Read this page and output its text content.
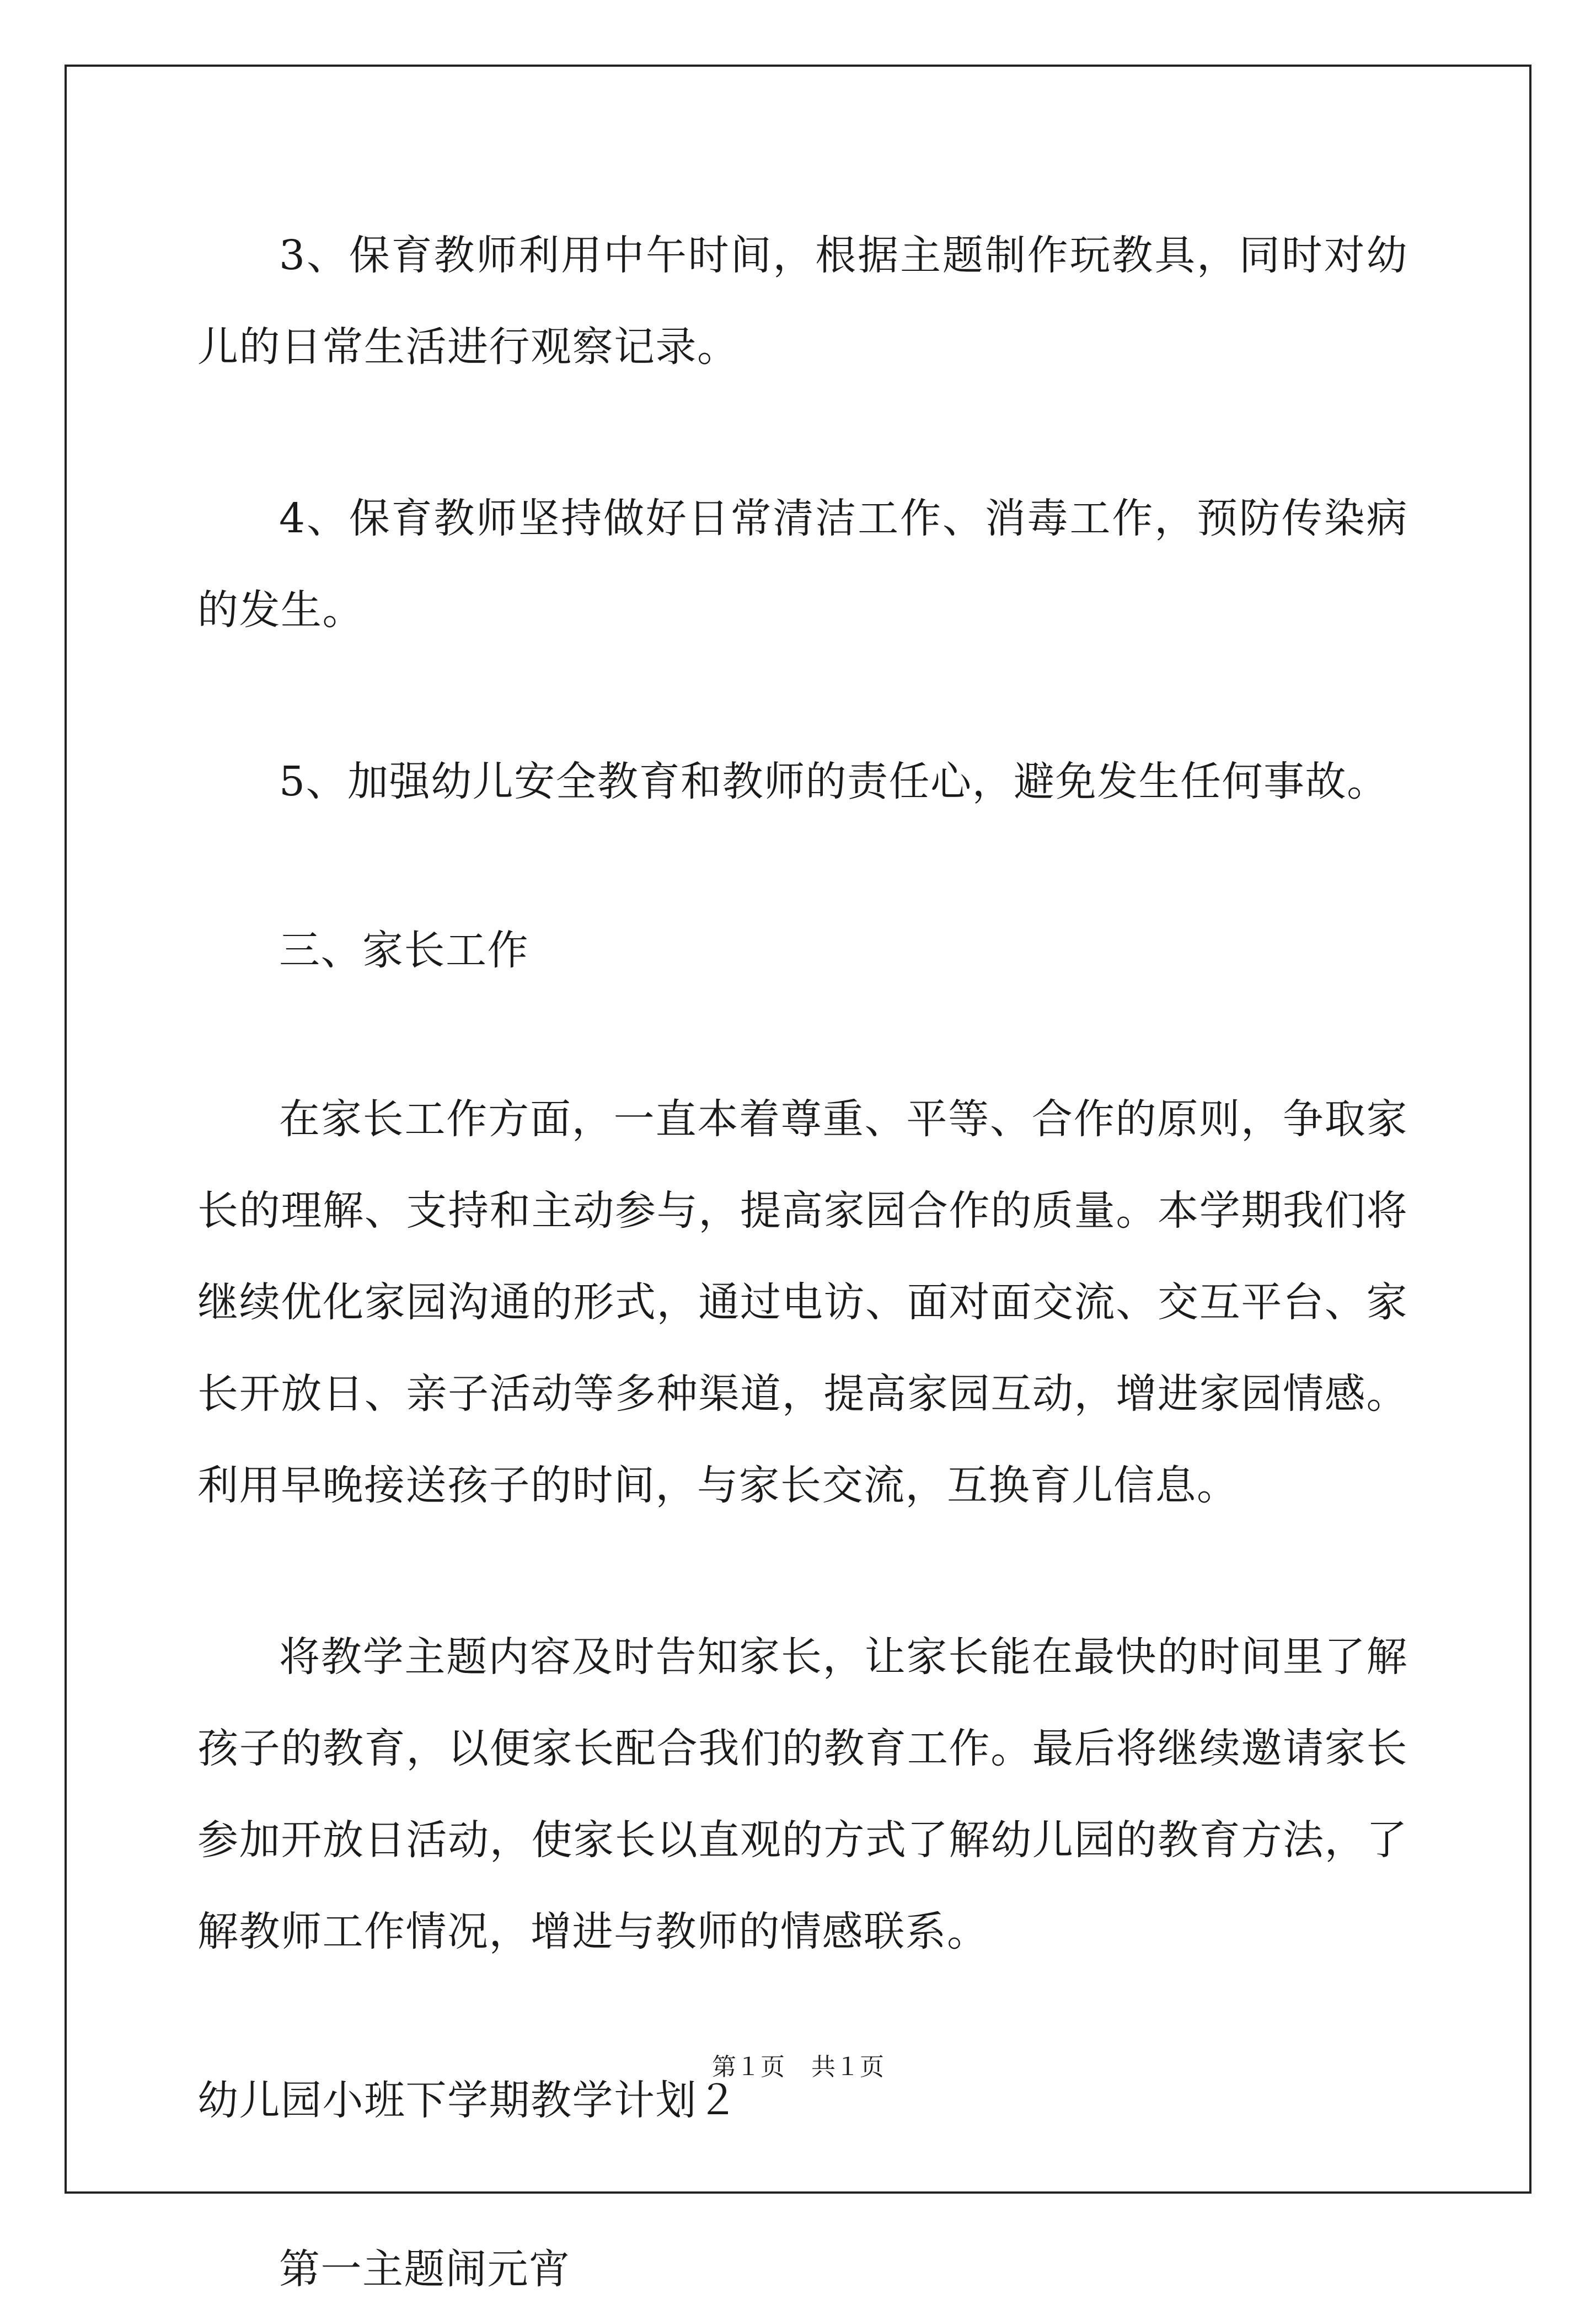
3、保育教师利用中午时间，根据主题制作玩教具，同时对幼儿的日常生活进行观察记录。

4、保育教师坚持做好日常清洁工作、消毒工作，预防传染病的发生。

5、加强幼儿安全教育和教师的责任心，避免发生任何事故。

三、家长工作

在家长工作方面，一直本着尊重、平等、合作的原则，争取家长的理解、支持和主动参与，提高家园合作的质量。本学期我们将继续优化家园沟通的形式，通过电访、面对面交流、交互平台、家长开放日、亲子活动等多种渠道，提高家园互动，增进家园情感。利用早晚接送孩子的时间，与家长交流，互换育儿信息。

将教学主题内容及时告知家长，让家长能在最快的时间里了解孩子的教育，以便家长配合我们的教育工作。最后将继续邀请家长参加开放日活动，使家长以直观的方式了解幼儿园的教育方法，了解教师工作情况，增进与教师的情感联系。

幼儿园小班下学期教学计划２

第一主题闹元宵

第１页 共１页
